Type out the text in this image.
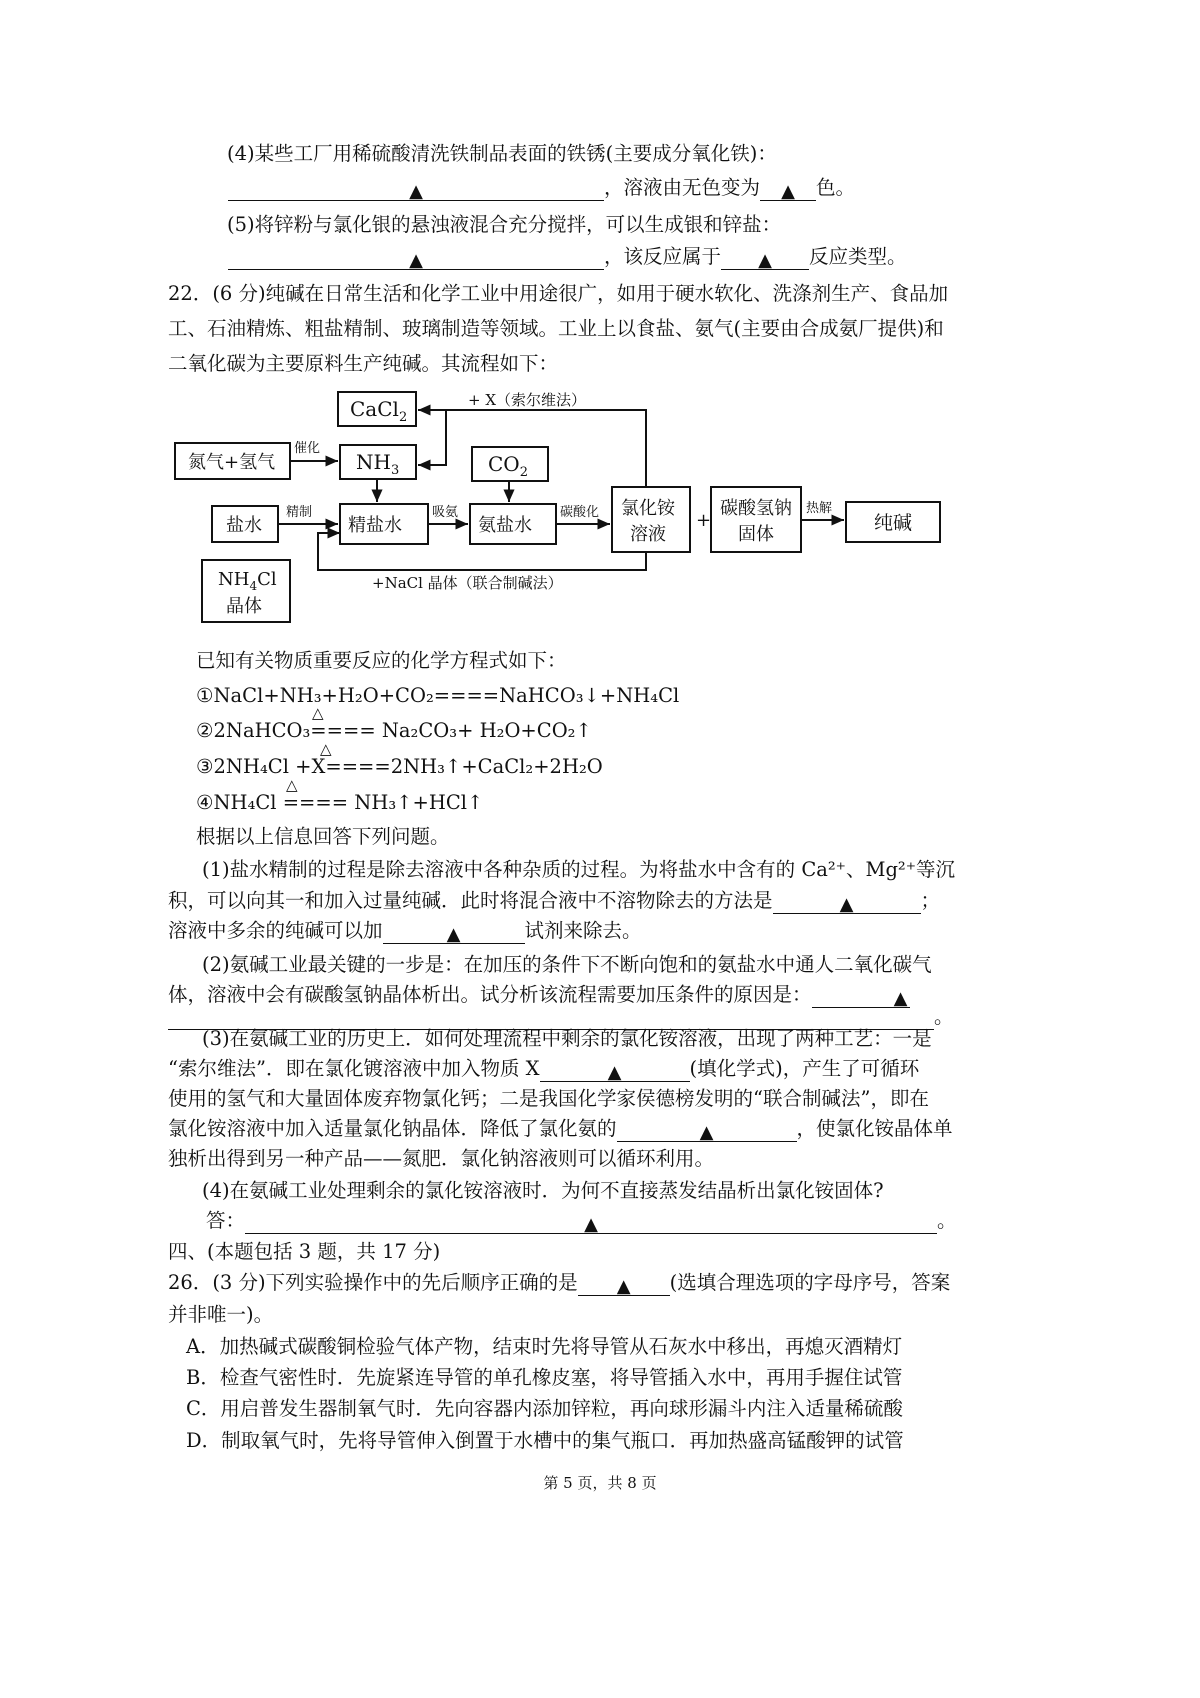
(4)某些工厂用稀硫酸清洗铁制品表面的铁锈(主要成分氧化铁)：
▲	，溶液由无色变为 ▲ 色。
(5)将锌粉与氯化银的悬浊液混合充分搅拌，可以生成银和锌盐：
▲	，该反应属于 ▲ 反应类型。
22．(6 分)纯碱在日常生活和化学工业中用途很广，如用于硬水软化、洗涤剂生产、食品加
工、石油精炼、粗盐精制、玻璃制造等领域。工业上以食盐、氨气(主要由合成氨厂提供)和
二氧化碳为主要原料生产纯碱。其流程如下：
CaCl$_2$
+ X（索尔维法）
氮气+氢气
催化
$NH_3$	$CO_2$
盐水
精制
精盐水
吸氨
氨盐水
碳酸化 氯化铵
溶液
+
碳酸氢钠
固体
热解
纯碱
$NH_4Cl$
晶体
+NaCl 晶体（联合制碱法）
已知有关物质重要反应的化学方程式如下：
①NaCl+NH₃+H₂O+CO₂====NaHCO₃↓+NH₄Cl
△
②2NaHCO₃==== Na₂CO₃+ H₂O+CO₂↑
△
③2NH₄Cl +X====2NH₃↑+CaCl₂+2H₂O
△
④NH₄Cl ==== NH₃↑+HCl↑
根据以上信息回答下列问题。
(1)盐水精制的过程是除去溶液中各种杂质的过程。为将盐水中含有的 Ca²⁺、Mg²⁺等沉
积，可以向其一和加入过量纯碱．此时将混合液中不溶物除去的方法是	▲	；
溶液中多余的纯碱可以加	▲	试剂来除去。
(2)氨碱工业最关键的一步是：在加压的条件下不断向饱和的氨盐水中通人二氧化碳气
体，溶液中会有碳酸氢钠晶体析出。试分析该流程需要加压条件的原因是：	▲
。
(3)在氨碱工业的历史上．如何处理流程中剩余的氯化铵溶液，出现了两种工艺：一是
“索尔维法”．即在氯化镀溶液中加入物质 X	▲	(填化学式)，产生了可循环
使用的氢气和大量固体废弃物氯化钙；二是我国化学家侯德榜发明的“联合制碱法”，即在
氯化铵溶液中加入适量氯化钠晶体．降低了氯化氨的	▲	，使氯化铵晶体单
独析出得到另一种产品——氮肥．氯化钠溶液则可以循环利用。
(4)在氨碱工业处理剩余的氯化铵溶液时．为何不直接蒸发结晶析出氯化铵固体?
答：	▲	。
四、(本题包括 3 题，共 17 分)
26．(3 分)下列实验操作中的先后顺序正确的是 ▲ (选填合理选项的字母序号，答案
并非唯一)。
A．加热碱式碳酸铜检验气体产物，结束时先将导管从石灰水中移出，再熄灭酒精灯
B．检查气密性时．先旋紧连导管的单孔橡皮塞，将导管插入水中，再用手握住试管
C．用启普发生器制氧气时．先向容器内添加锌粒，再向球形漏斗内注入适量稀硫酸
D．制取氧气时，先将导管伸入倒置于水槽中的集气瓶口．再加热盛高锰酸钾的试管
第 5 页，共 8 页
